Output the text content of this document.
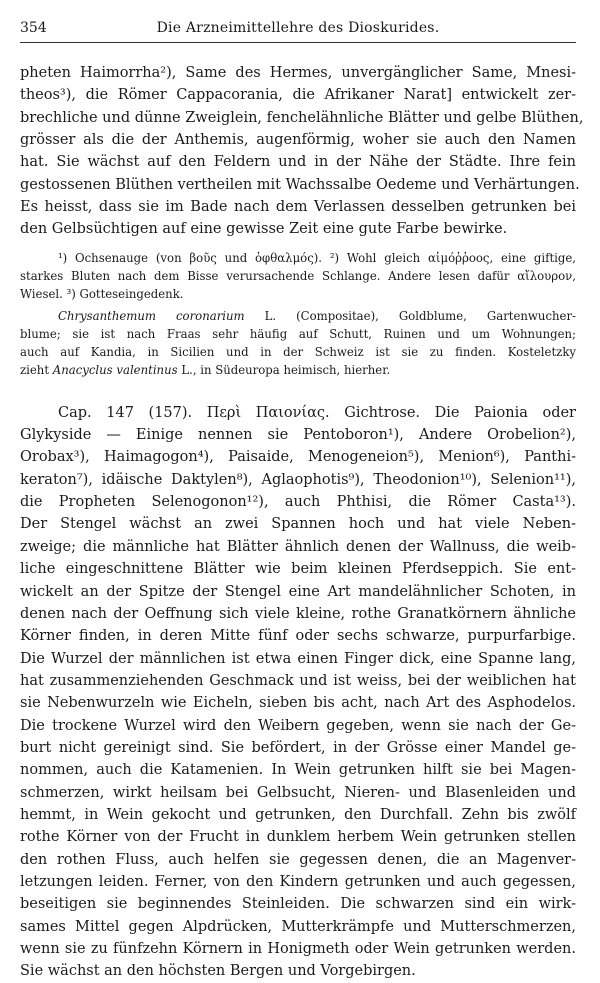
354	Die Arzneimittellehre des Dioskurides.
pheten Haimorrha²), Same des Hermes, unvergänglicher Same, Mnesi-
theos³), die Römer Cappacorania, die Afrikaner Narat] entwickelt zer-
brechliche und dünne Zweiglein, fenchelähnliche Blätter und gelbe Blüthen,
grösser als die der Anthemis, augenförmig, woher sie auch den Namen
hat. Sie wächst auf den Feldern und in der Nähe der Städte. Ihre fein
gestossenen Blüthen vertheilen mit Wachssalbe Oedeme und Verhärtungen.
Es heisst, dass sie im Bade nach dem Verlassen desselben getrunken bei
den Gelbsüchtigen auf eine gewisse Zeit eine gute Farbe bewirke.
¹) Ochsenauge (von βοῦς und ὀφθαλμός). ²) Wohl gleich αἱμόῤῥοος, eine giftige,
starkes Bluten nach dem Bisse verursachende Schlange. Andere lesen dafür αἴλουρον,
Wiesel. ³) Gotteseingedenk.
Chrysanthemum coronarium L. (Compositae), Goldblume, Gartenwucher-
blume; sie ist nach Fraas sehr häufig auf Schutt, Ruinen und um Wohnungen;
auch auf Kandia, in Sicilien und in der Schweiz ist sie zu finden. Kosteletzky
zieht Anacyclus valentinus L., in Südeuropa heimisch, hierher.
Cap. 147 (157). Περὶ Παιονίας. Gichtrose. Die Paionia oder
Glykyside — Einige nennen sie Pentoboron¹), Andere Orobelion²),
Orobax³), Haimagogon⁴), Paisaide, Menogeneion⁵), Menion⁶), Panthi-
keraton⁷), idäische Daktylen⁸), Aglaophotis⁹), Theodonion¹⁰), Selenion¹¹),
die Propheten Selenogonon¹²), auch Phthisi, die Römer Casta¹³).
Der Stengel wächst an zwei Spannen hoch und hat viele Neben-
zweige; die männliche hat Blätter ähnlich denen der Wallnuss, die weib-
liche eingeschnittene Blätter wie beim kleinen Pferdseppich. Sie ent-
wickelt an der Spitze der Stengel eine Art mandelähnlicher Schoten, in
denen nach der Oeffnung sich viele kleine, rothe Granatkörnern ähnliche
Körner finden, in deren Mitte fünf oder sechs schwarze, purpurfarbige.
Die Wurzel der männlichen ist etwa einen Finger dick, eine Spanne lang,
hat zusammenziehenden Geschmack und ist weiss, bei der weiblichen hat
sie Nebenwurzeln wie Eicheln, sieben bis acht, nach Art des Asphodelos.
Die trockene Wurzel wird den Weibern gegeben, wenn sie nach der Ge-
burt nicht gereinigt sind. Sie befördert, in der Grösse einer Mandel ge-
nommen, auch die Katamenien. In Wein getrunken hilft sie bei Magen-
schmerzen, wirkt heilsam bei Gelbsucht, Nieren- und Blasenleiden und
hemmt, in Wein gekocht und getrunken, den Durchfall. Zehn bis zwölf
rothe Körner von der Frucht in dunklem herbem Wein getrunken stellen
den rothen Fluss, auch helfen sie gegessen denen, die an Magenver-
letzungen leiden. Ferner, von den Kindern getrunken und auch gegessen,
beseitigen sie beginnendes Steinleiden. Die schwarzen sind ein wirk-
sames Mittel gegen Alpdrücken, Mutterkrämpfe und Mutterschmerzen,
wenn sie zu fünfzehn Körnern in Honigmeth oder Wein getrunken werden.
Sie wächst an den höchsten Bergen und Vorgebirgen.
